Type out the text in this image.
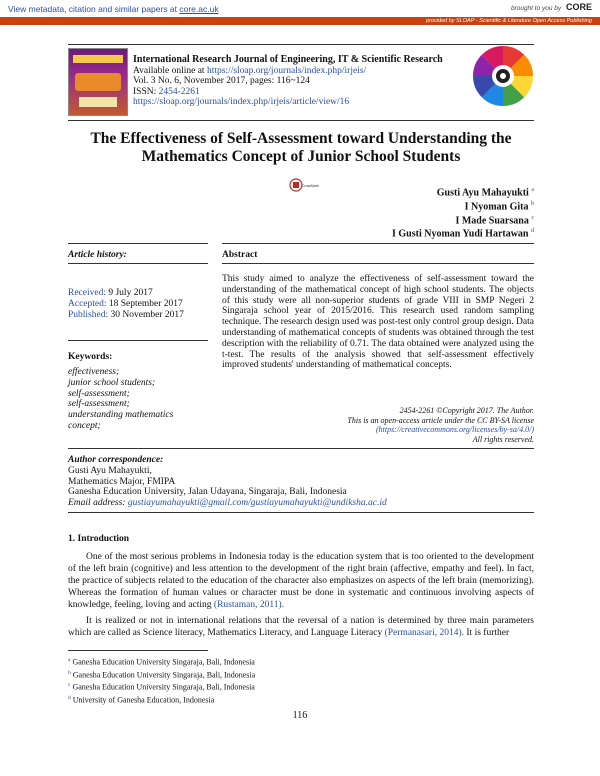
View metadata, citation and similar papers at core.ac.uk	brought to you by CORE
provided by SLOAP - Scientific & Literature Open Access Publishing
International Research Journal of Engineering, IT & Scientific Research
Available online at https://sloap.org/journals/index.php/irjeis/
Vol. 3 No. 6, November 2017, pages: 116~124
ISSN: 2454-2261
https://sloap.org/journals/index.php/irjeis/article/view/16
The Effectiveness of Self-Assessment toward Understanding the
Mathematics Concept of Junior School Students
CrossMark
Gusti Ayu Mahayukti $^a$
I Nyoman Gita $^b$
I Made Suarsana $^c$
I Gusti Nyoman Yudi Hartawan $^d$
Article history:	Abstract
Received: 9 July 2017
Accepted: 18 September 2017
Published: 30 November 2017
Keywords:
effectiveness;
junior school students;
self-assessment;
self-assessment;
understanding mathematics
concept;
This study aimed to analyze the effectiveness of self-assessment toward the understanding of the mathematical concept of high school students. The objects of this study were all non-superior students of grade VIII in SMP Negeri 2 Singaraja school year of 2015/2016. This research used random sampling technique. The research design used was post-test only control group design. Data understanding of mathematical concepts of students was obtained through the test description with the reliability of 0.71. The data obtained were analyzed using the t-test. The results of the analysis showed that self-assessment effectively improved students' understanding of mathematical concepts.
2454-2261 ©Copyright 2017. The Author.
This is an open-access article under the CC BY-SA license
(https://creativecommons.org/licenses/by-sa/4.0/)
All rights reserved.
Author correspondence:
Gusti Ayu Mahayukti,
Mathematics Major, FMIPA
Ganesha Education University, Jalan Udayana, Singaraja, Bali, Indonesia
Email address: gustiayumahayukti@gmail.com/gustiayumahayukti@undiksha.ac.id
1. Introduction

One of the most serious problems in Indonesia today is the education system that is too oriented to the development of the left brain (cognitive) and less attention to the development of the right brain (affective, empathy and feel). In fact, the practice of subjects related to the education of the character also emphasizes on aspects of the left brain (memorizing). Whereas the formation of human values or character must be done in systematic and continuous involving aspects of knowledge, feeling, loving and acting (Rustaman, 2011).

It is realized or not in international relations that the reversal of a nation is determined by three main parameters which are called as Science literacy, Mathematics Literacy, and Language Literacy (Permanasari, 2014). It is further

$^a$ Ganesha Education University Singaraja, Bali, Indonesia
$^b$ Ganesha Education University Singaraja, Bali, Indonesia
$^c$ Ganesha Education University Singaraja, Bali, Indonesia
$^d$ University of Ganesha Education, Indonesia
116
